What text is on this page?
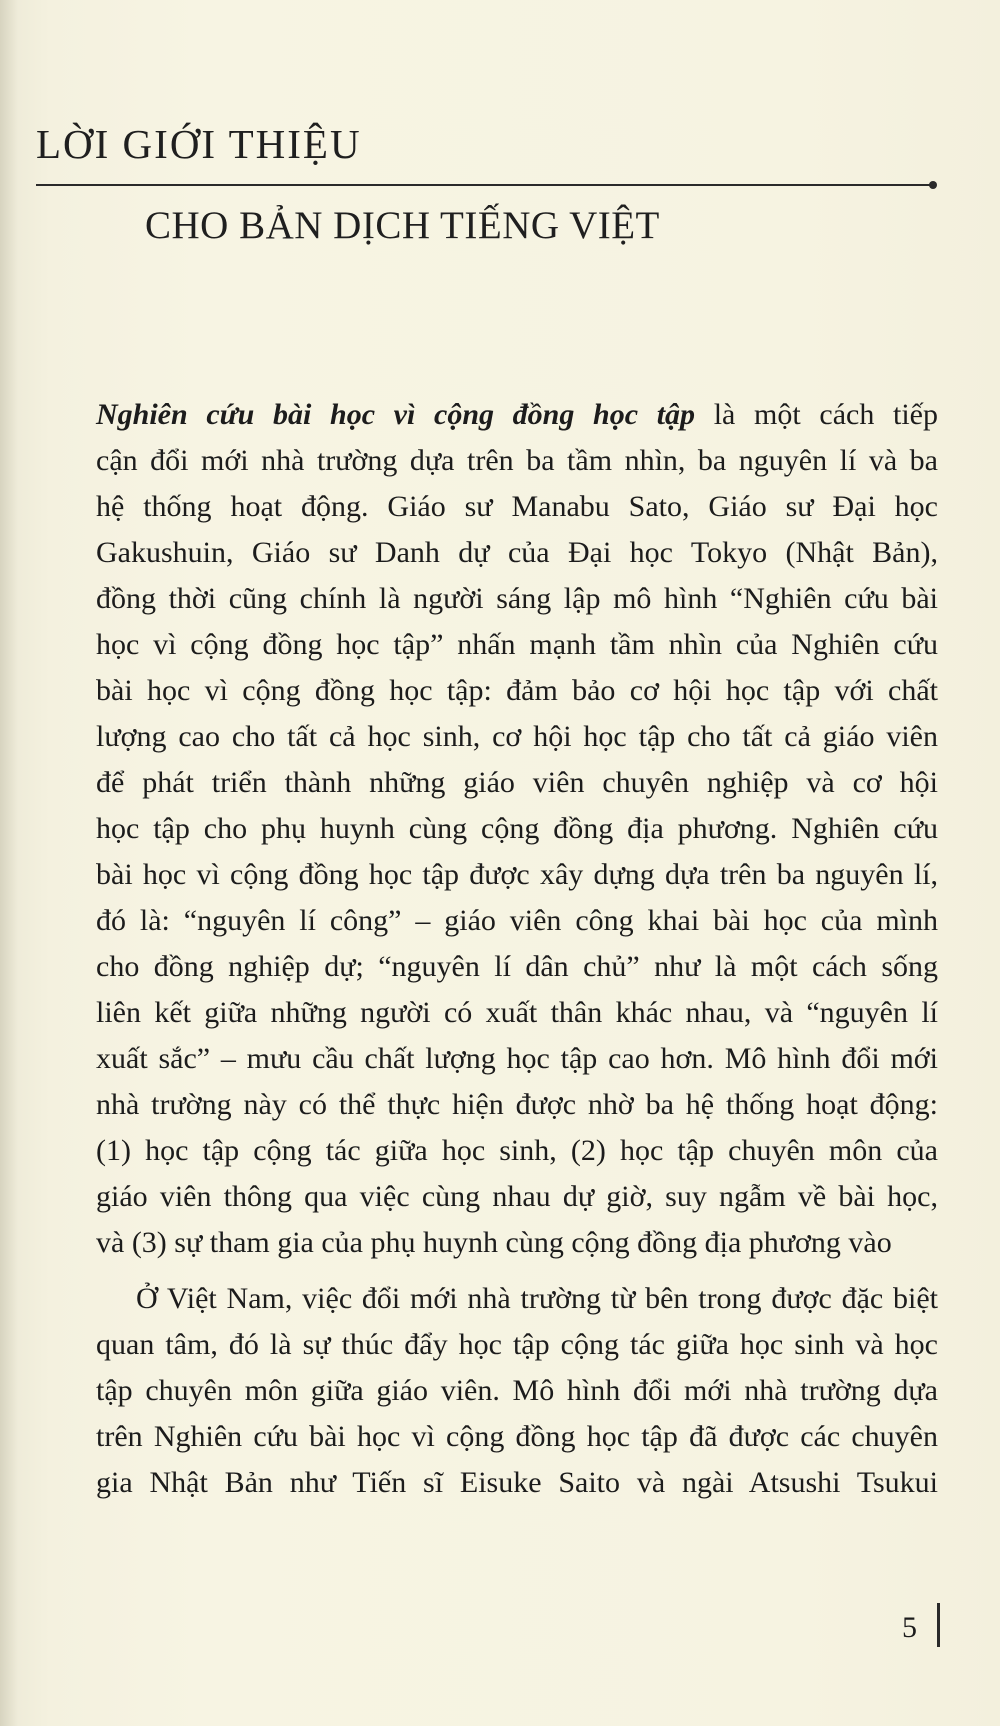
LỜI GIỚI THIỆU
CHO BẢN DỊCH TIẾNG VIỆT

Nghiên cứu bài học vì cộng đồng học tập là một cách tiếp
cận đổi mới nhà trường dựa trên ba tầm nhìn, ba nguyên lí và ba
hệ thống hoạt động. Giáo sư Manabu Sato, Giáo sư Đại học
Gakushuin, Giáo sư Danh dự của Đại học Tokyo (Nhật Bản),
đồng thời cũng chính là người sáng lập mô hình “Nghiên cứu bài
học vì cộng đồng học tập” nhấn mạnh tầm nhìn của Nghiên cứu
bài học vì cộng đồng học tập: đảm bảo cơ hội học tập với chất
lượng cao cho tất cả học sinh, cơ hội học tập cho tất cả giáo viên
để phát triển thành những giáo viên chuyên nghiệp và cơ hội
học tập cho phụ huynh cùng cộng đồng địa phương. Nghiên cứu
bài học vì cộng đồng học tập được xây dựng dựa trên ba nguyên lí,
đó là: “nguyên lí công” – giáo viên công khai bài học của mình
cho đồng nghiệp dự; “nguyên lí dân chủ” như là một cách sống
liên kết giữa những người có xuất thân khác nhau, và “nguyên lí
xuất sắc” – mưu cầu chất lượng học tập cao hơn. Mô hình đổi mới
nhà trường này có thể thực hiện được nhờ ba hệ thống hoạt động:
(1) học tập cộng tác giữa học sinh, (2) học tập chuyên môn của
giáo viên thông qua việc cùng nhau dự giờ, suy ngẫm về bài học,
và (3) sự tham gia của phụ huynh cùng cộng đồng địa phương vào

Ở Việt Nam, việc đổi mới nhà trường từ bên trong được đặc biệt
quan tâm, đó là sự thúc đẩy học tập cộng tác giữa học sinh và học
tập chuyên môn giữa giáo viên. Mô hình đổi mới nhà trường dựa
trên Nghiên cứu bài học vì cộng đồng học tập đã được các chuyên
gia Nhật Bản như Tiến sĩ Eisuke Saito và ngài Atsushi Tsukui

5
